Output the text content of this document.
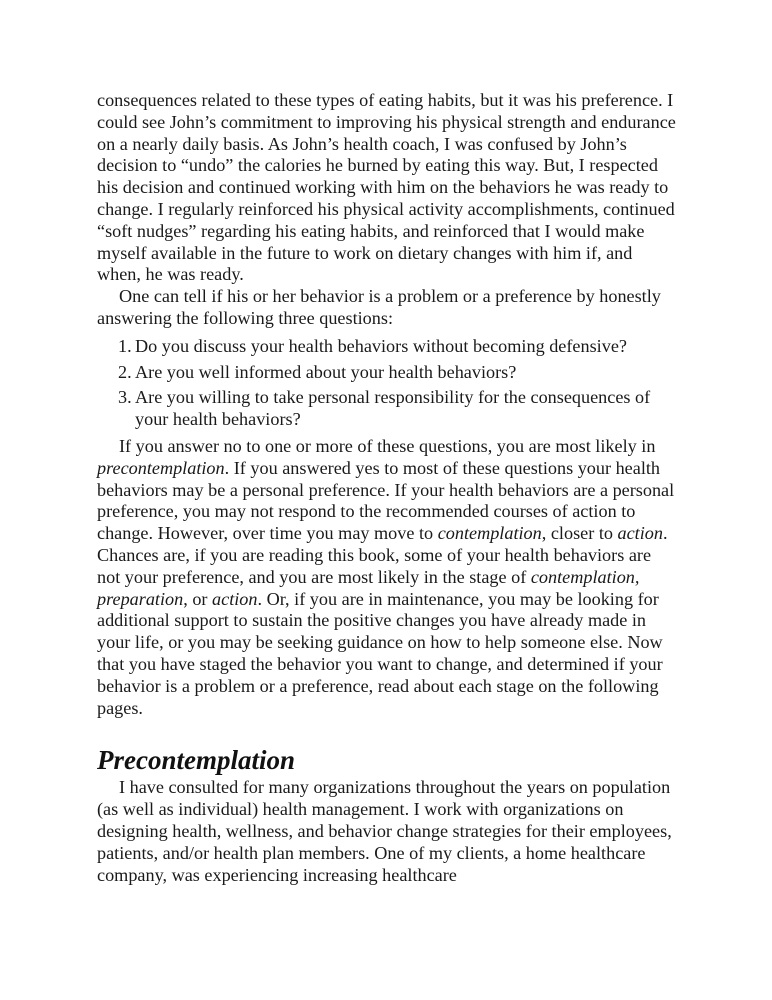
consequences related to these types of eating habits, but it was his preference. I could see John’s commitment to improving his physical strength and endurance on a nearly daily basis. As John’s health coach, I was confused by John’s decision to “undo” the calories he burned by eating this way. But, I respected his decision and continued working with him on the behaviors he was ready to change. I regularly reinforced his physical activity accomplishments, continued “soft nudges” regarding his eating habits, and reinforced that I would make myself available in the future to work on dietary changes with him if, and when, he was ready.

One can tell if his or her behavior is a problem or a preference by honestly answering the following three questions:

1. Do you discuss your health behaviors without becoming defensive?
2. Are you well informed about your health behaviors?
3. Are you willing to take personal responsibility for the consequences of your health behaviors?

If you answer no to one or more of these questions, you are most likely in precontemplation. If you answered yes to most of these questions your health behaviors may be a personal preference. If your health behaviors are a personal preference, you may not respond to the recommended courses of action to change. However, over time you may move to contemplation, closer to action. Chances are, if you are reading this book, some of your health behaviors are not your preference, and you are most likely in the stage of contemplation, preparation, or action. Or, if you are in maintenance, you may be looking for additional support to sustain the positive changes you have already made in your life, or you may be seeking guidance on how to help someone else. Now that you have staged the behavior you want to change, and determined if your behavior is a problem or a preference, read about each stage on the following pages.

Precontemplation

I have consulted for many organizations throughout the years on population (as well as individual) health management. I work with organizations on designing health, wellness, and behavior change strategies for their employees, patients, and/or health plan members. One of my clients, a home healthcare company, was experiencing increasing healthcare
